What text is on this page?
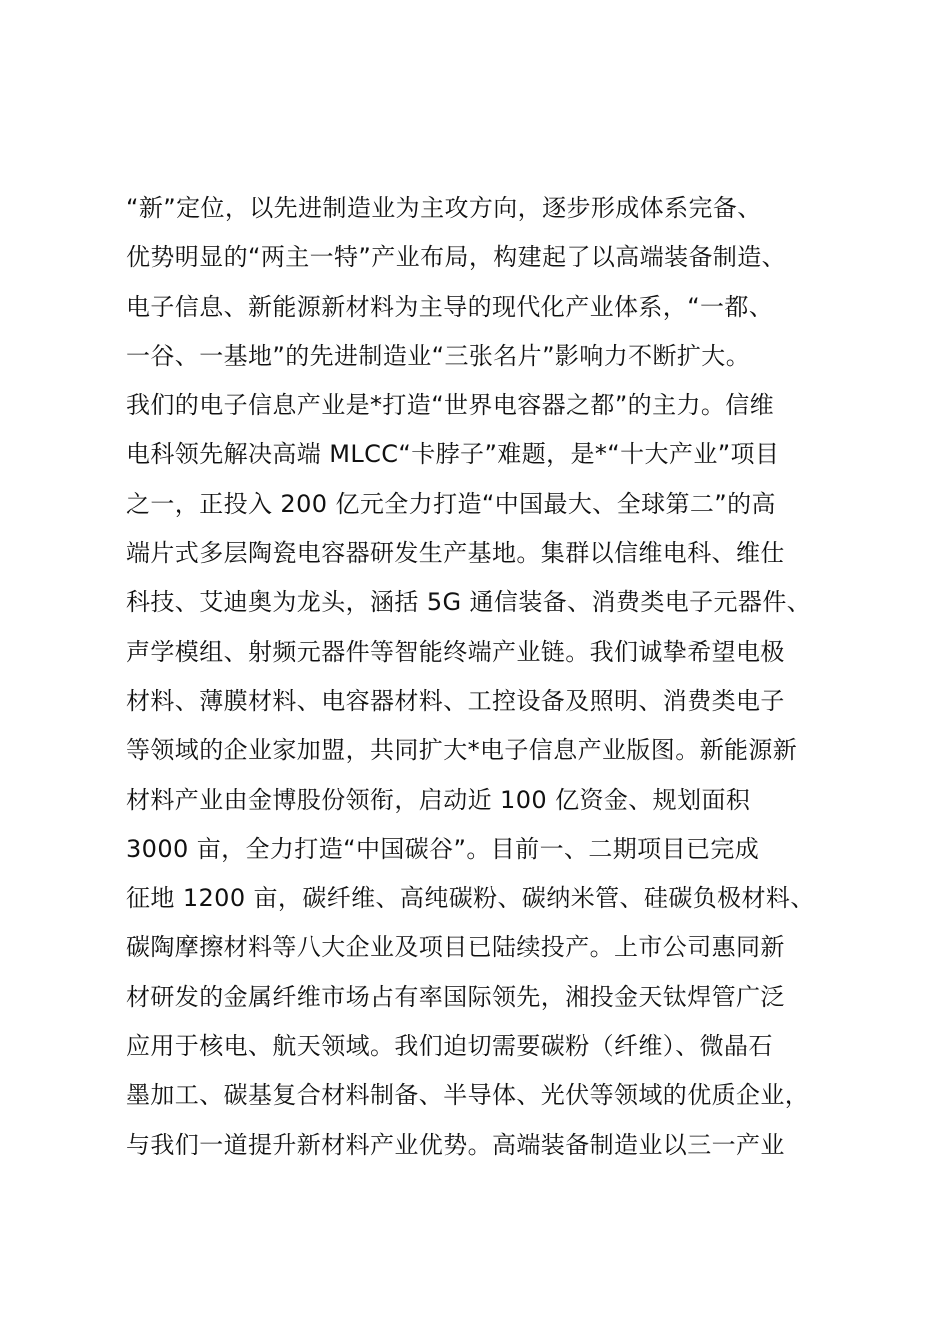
“新”定位，以先进制造业为主攻方向，逐步形成体系完备、
优势明显的“两主一特”产业布局，构建起了以高端装备制造、
电子信息、新能源新材料为主导的现代化产业体系，“一都、
一谷、一基地”的先进制造业“三张名片”影响力不断扩大。
我们的电子信息产业是*打造“世界电容器之都”的主力。信维
电科领先解决高端 MLCC“卡脖子”难题，是*“十大产业”项目
之一，正投入 200 亿元全力打造“中国最大、全球第二”的高
端片式多层陶瓷电容器研发生产基地。集群以信维电科、维仕
科技、艾迪奥为龙头，涵括 5G 通信装备、消费类电子元器件、
声学模组、射频元器件等智能终端产业链。我们诚挚希望电极
材料、薄膜材料、电容器材料、工控设备及照明、消费类电子
等领域的企业家加盟，共同扩大*电子信息产业版图。新能源新
材料产业由金博股份领衔，启动近 100 亿资金、规划面积
3000 亩，全力打造“中国碳谷”。目前一、二期项目已完成
征地 1200 亩，碳纤维、高纯碳粉、碳纳米管、硅碳负极材料、
碳陶摩擦材料等八大企业及项目已陆续投产。上市公司惠同新
材研发的金属纤维市场占有率国际领先，湘投金天钛焊管广泛
应用于核电、航天领域。我们迫切需要碳粉（纤维）、微晶石
墨加工、碳基复合材料制备、半导体、光伏等领域的优质企业，
与我们一道提升新材料产业优势。高端装备制造业以三一产业
